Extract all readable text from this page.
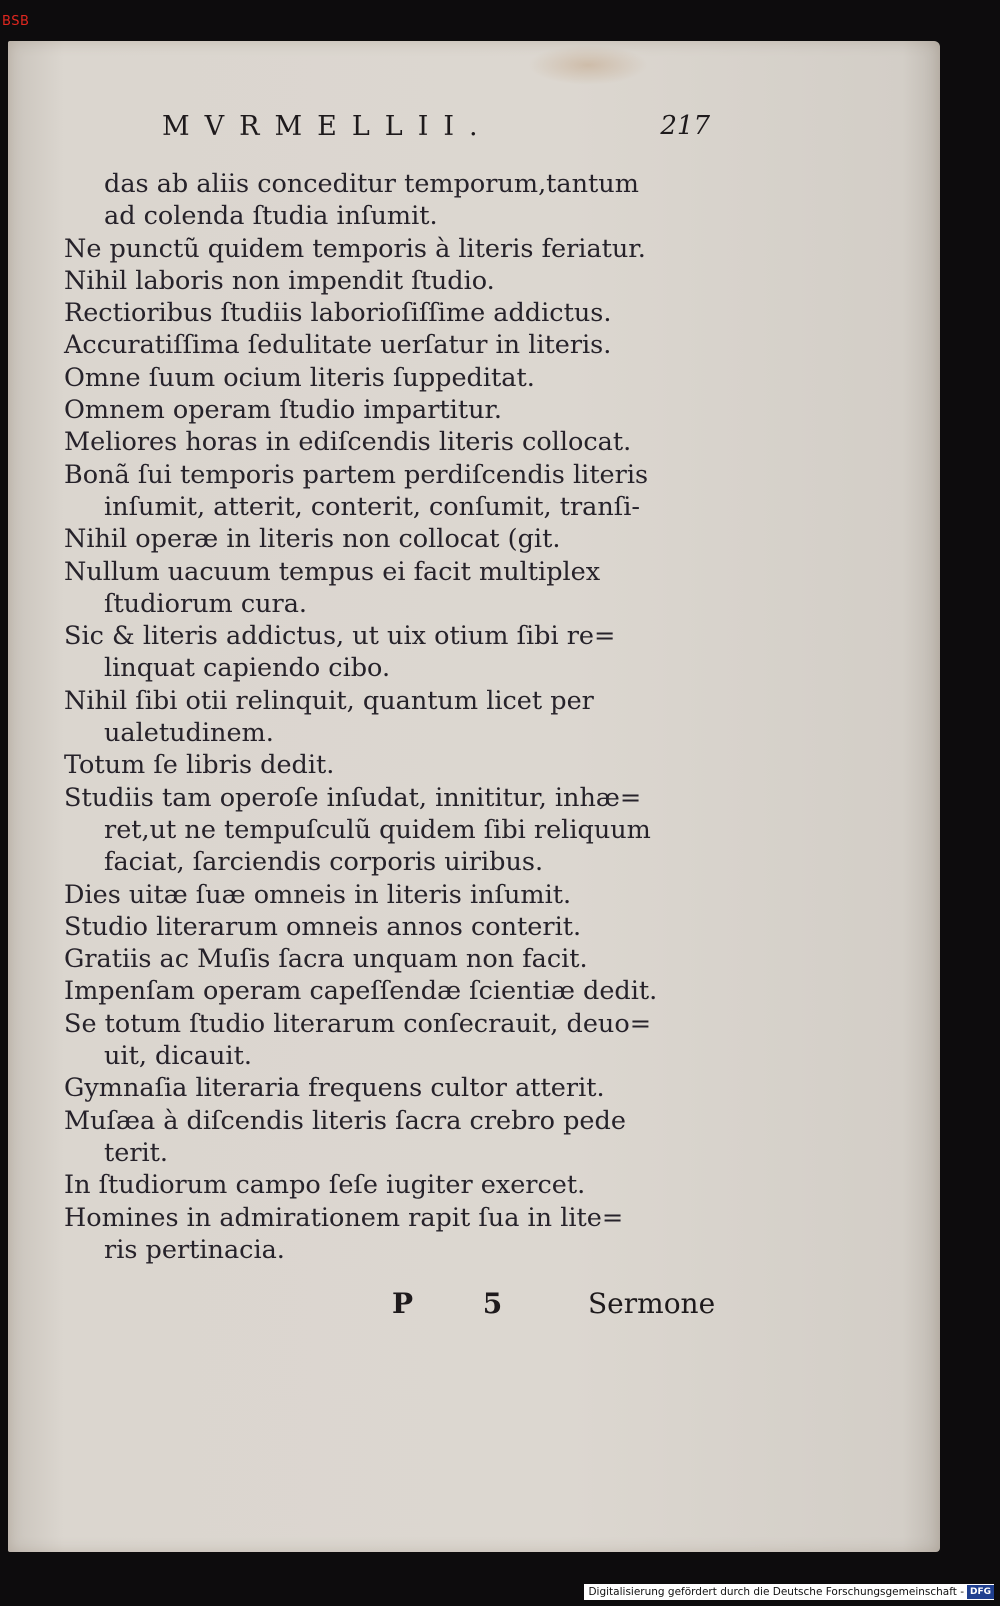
BSB
MVRMELLII.	217
das ab aliis conceditur temporum,tantum
ad colenda ſtudia inſumit.
Ne punctũ quidem temporis à literis feriatur.
Nihil laboris non impendit ſtudio.
Rectioribus ſtudiis laborioſiſſime addictus.
Accuratiſſima ſedulitate uerſatur in literis.
Omne ſuum ocium literis ſuppeditat.
Omnem operam ſtudio impartitur.
Meliores horas in ediſcendis literis collocat.
Bonã ſui temporis partem perdiſcendis literis
inſumit, atterit, conterit, conſumit, tranſi-
Nihil operæ in literis non collocat (git.
Nullum uacuum tempus ei facit multiplex
ſtudiorum cura.
Sic & literis addictus, ut uix otium ſibi re=
linquat capiendo cibo.
Nihil ſibi otii relinquit, quantum licet per
ualetudinem.
Totum ſe libris dedit.
Studiis tam operoſe inſudat, innititur, inhæ=
ret,ut ne tempuſculũ quidem ſibi reliquum
faciat, ſarciendis corporis uiribus.
Dies uitæ ſuæ omneis in literis inſumit.
Studio literarum omneis annos conterit.
Gratiis ac Muſis ſacra unquam non facit.
Impenſam operam capeſſendæ ſcientiæ dedit.
Se totum ſtudio literarum conſecrauit, deuo=
uit, dicauit.
Gymnaſia literaria frequens cultor atterit.
Muſæa à diſcendis literis ſacra crebro pede
terit.
In ſtudiorum campo ſeſe iugiter exercet.
Homines in admirationem rapit ſua in lite=
ris pertinacia.
P 5 Sermone
Digitalisierung gefördert durch die Deutsche Forschungsgemeinschaft - DFG
